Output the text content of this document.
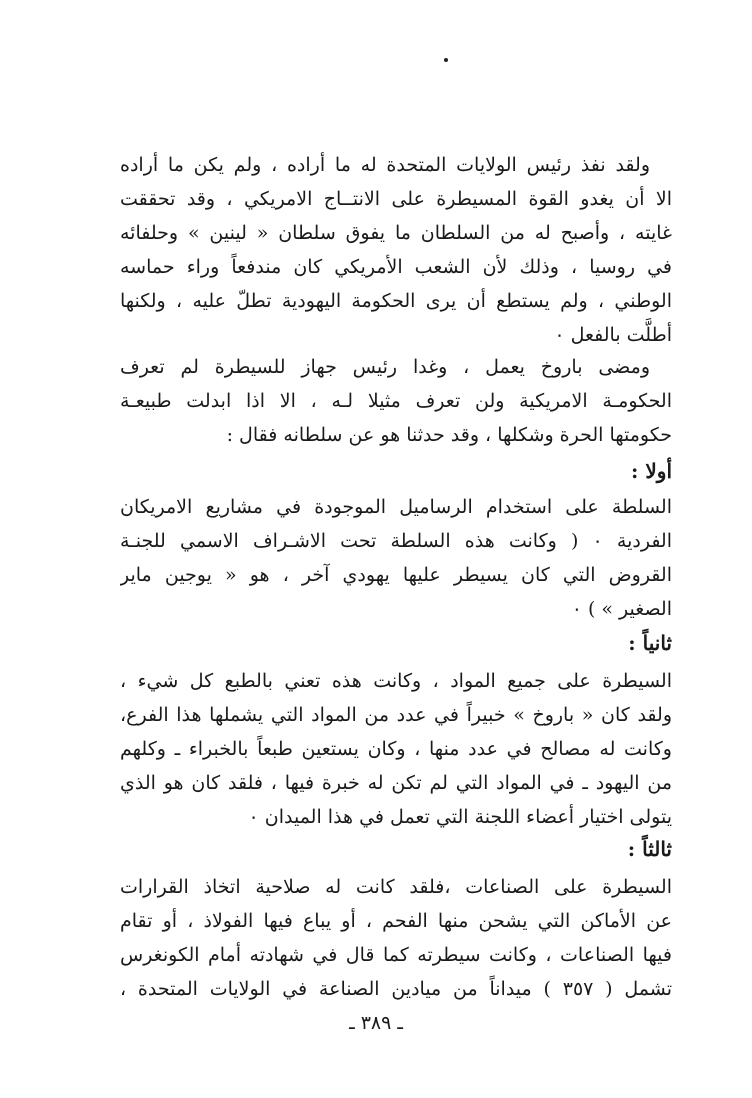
ولقد نفذ رئيس الولايات المتحدة له ما أراده ، ولم يكن ما أراده
الا أن يغدو القوة المسيطرة على الانتــاج الامريكي ، وقد تحققت
غايته ، وأصبح له من السلطان ما يفوق سلطان « لينين » وحلفائه
في روسيا ، وذلك لأن الشعب الأمريكي كان مندفعاً وراء حماسه
الوطني ، ولم يستطع أن يرى الحكومة اليهودية تطلّ عليه ، ولكنها
أطلَّت بالفعل ٠
ومضى باروخ يعمل ، وغدا رئيس جهاز للسيطرة لم تعرف
الحكومـة الامريكية ولن تعرف مثيلا لـه ، الا اذا ابدلت طبيعـة
حكومتها الحرة وشكلها ، وقد حدثنا هو عن سلطانه فقال :
أولا :
السلطة على استخدام الرساميل الموجودة في مشاريع الامريكان
الفردية ٠ ( وكانت هذه السلطة تحت الاشـراف الاسمي للجنـة
القروض التي كان يسيطر عليها يهودي آخر ، هو « يوجين ماير
الصغير » ) ٠
ثانياً :
السيطرة على جميع المواد ، وكانت هذه تعني بالطبع كل شيء ،
ولقد كان « باروخ » خبيراً في عدد من المواد التي يشملها هذا الفرع،
وكانت له مصالح في عدد منها ، وكان يستعين طبعاً بالخبراء ـ وكلهم
من اليهود ـ في المواد التي لم تكن له خبرة فيها ، فلقد كان هو الذي
يتولى اختيار أعضاء اللجنة التي تعمل في هذا الميدان ٠
ثالثاً :
السيطرة على الصناعات ،فلقد كانت له صلاحية اتخاذ القرارات
عن الأماكن التي يشحن منها الفحم ، أو يباع فيها الفولاذ ، أو تقام
فيها الصناعات ، وكانت سيطرته كما قال في شهادته أمام الكونغرس
تشمل ( ٣٥٧ ) ميداناً من ميادين الصناعة في الولايات المتحدة ،
ـ ٣٨٩ ـ
